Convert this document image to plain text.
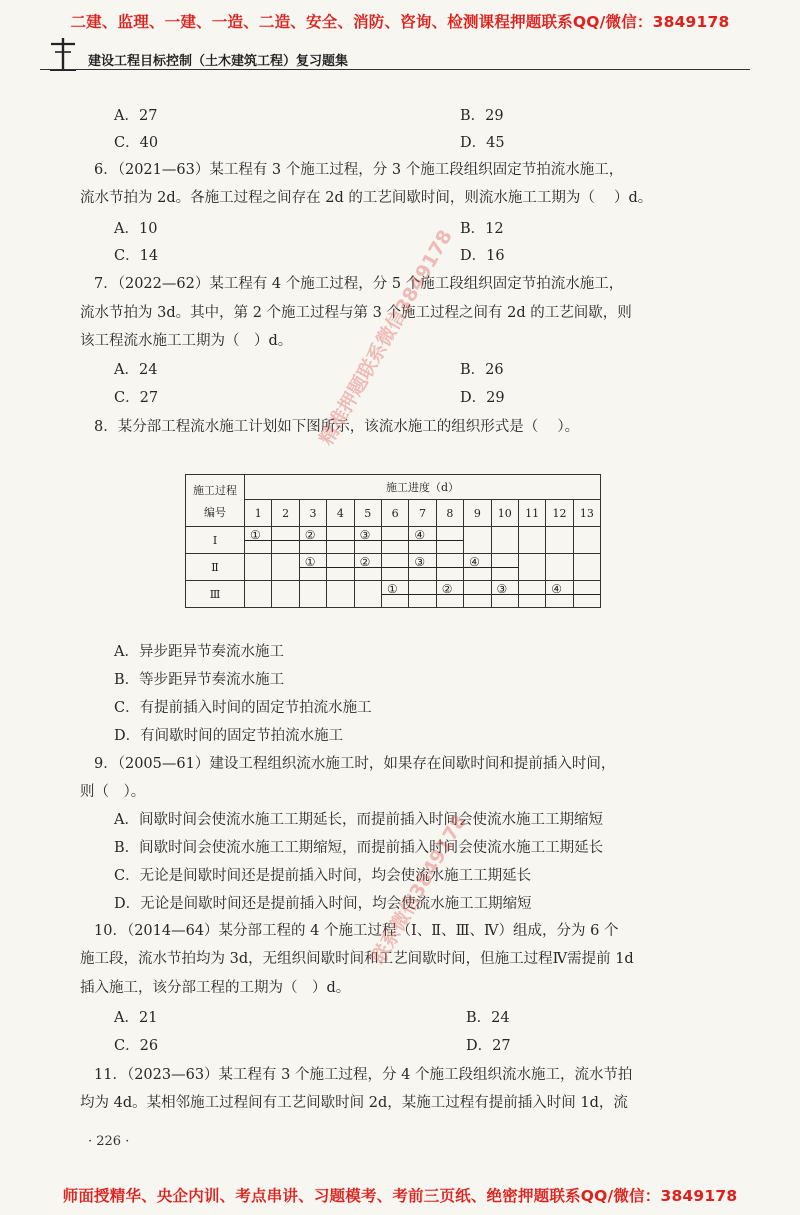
二建、监理、一建、一造、二造、安全、消防、咨询、检测课程押题联系QQ/微信：3849178
建设工程目标控制（土木建筑工程）复习题集
A．27	B．29
C．40	D．45
6．（2021—63）某工程有 3 个施工过程，分 3 个施工段组织固定节拍流水施工，
流水节拍为 2d。各施工过程之间存在 2d 的工艺间歇时间，则流水施工工期为（　 ）d。
A．10	B．12
C．14	D．16
7．（2022—62）某工程有 4 个施工过程，分 5 个施工段组织固定节拍流水施工，
流水节拍为 3d。其中，第 2 个施工过程与第 3 个施工过程之间有 2d 的工艺间歇，则
该工程流水施工工期为（　）d。
A．24	B．26
C．27	D．29
8．某分部工程流水施工计划如下图所示，该流水施工的组织形式是（　 ）。
施工过程
编号	施工进度（d）												
	1	2	3	4	5	6	7	8	9	10	11	12	13
Ⅰ	①		②		③		④						

Ⅱ			①		②		③		④				

Ⅲ						①		②		③		④	

A．异步距异节奏流水施工
B．等步距异节奏流水施工
C．有提前插入时间的固定节拍流水施工
D．有间歇时间的固定节拍流水施工
9．（2005—61）建设工程组织流水施工时，如果存在间歇时间和提前插入时间，
则（　）。
A．间歇时间会使流水施工工期延长，而提前插入时间会使流水施工工期缩短
B．间歇时间会使流水施工工期缩短，而提前插入时间会使流水施工工期延长
C．无论是间歇时间还是提前插入时间，均会使流水施工工期延长
D．无论是间歇时间还是提前插入时间，均会使流水施工工期缩短
10．（2014—64）某分部工程的 4 个施工过程（Ⅰ、Ⅱ、Ⅲ、Ⅳ）组成，分为 6 个
施工段，流水节拍均为 3d，无组织间歇时间和工艺间歇时间，但施工过程Ⅳ需提前 1d
插入施工，该分部工程的工期为（　）d。
A．21	B．24
C．26	D．27
11．（2023—63）某工程有 3 个施工过程，分 4 个施工段组织流水施工，流水节拍
均为 4d。某相邻施工过程间有工艺间歇时间 2d，某施工过程有提前插入时间 1d，流
· 226 ·
师面授精华、央企内训、考点串讲、习题模考、考前三页纸、绝密押题联系QQ/微信：3849178
精准押题联系微信3849178
联系微信3849178
